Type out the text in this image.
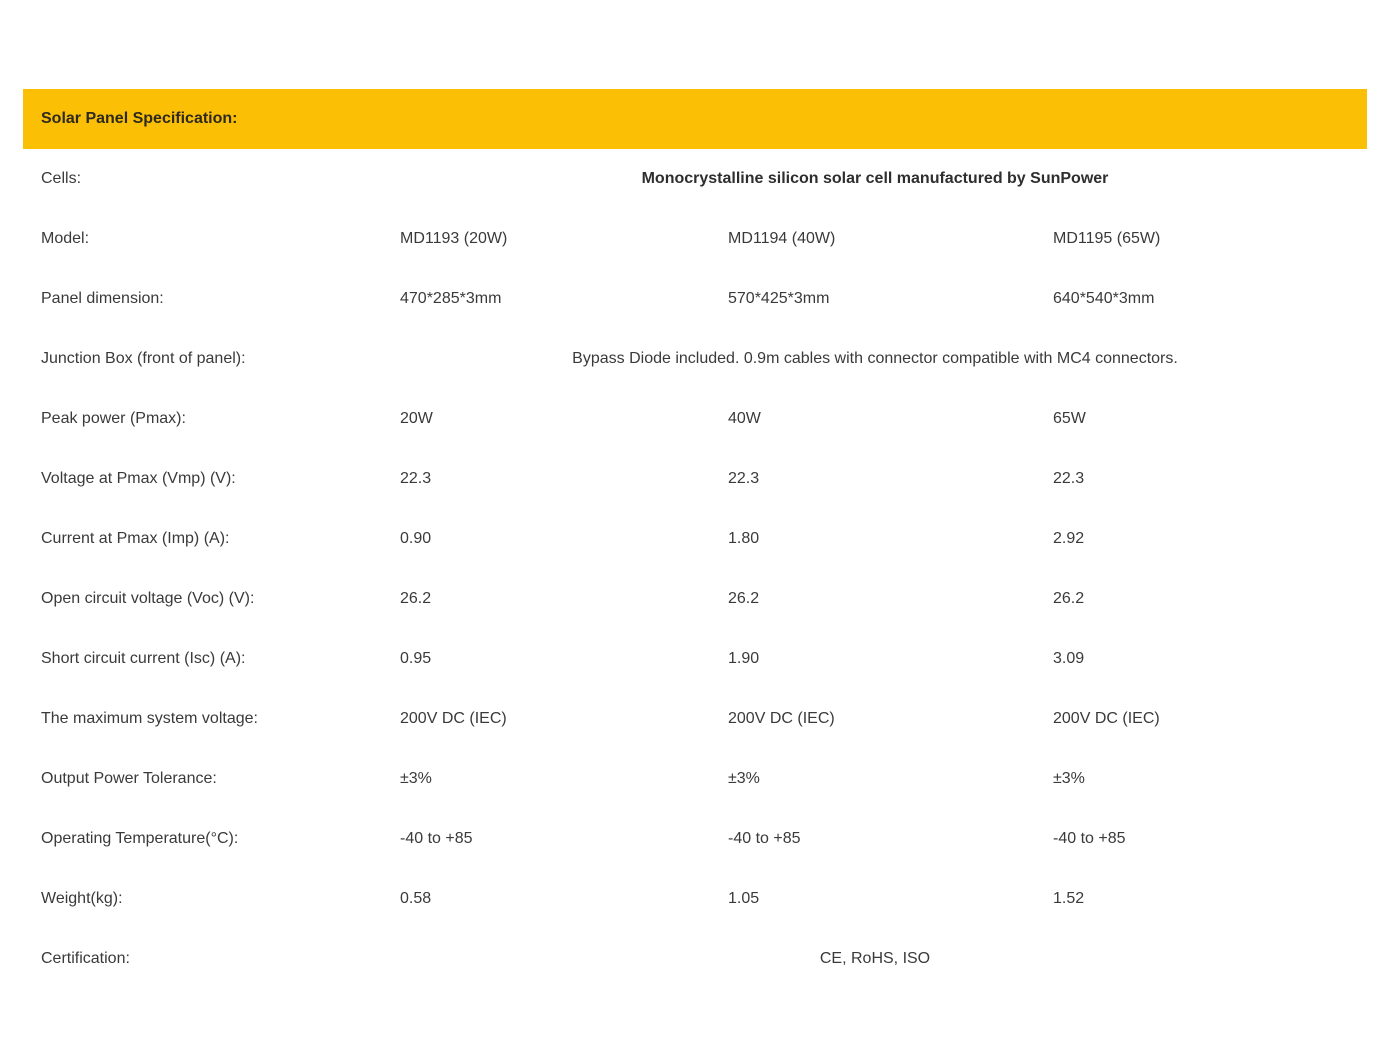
Solar Panel Specification:
Cells:	Monocrystalline silicon solar cell manufactured by SunPower
Model:	MD1193 (20W)	MD1194 (40W)	MD1195 (65W)
Panel dimension:	470*285*3mm	570*425*3mm	640*540*3mm
Junction Box (front of panel):	Bypass Diode included. 0.9m cables with connector compatible with MC4 connectors.
Peak power (Pmax):	20W	40W	65W
Voltage at Pmax (Vmp) (V):	22.3	22.3	22.3
Current at Pmax (Imp) (A):	0.90	1.80	2.92
Open circuit voltage (Voc) (V):	26.2	26.2	26.2
Short circuit current (Isc) (A):	0.95	1.90	3.09
The maximum system voltage:	200V DC (IEC)	200V DC (IEC)	200V DC (IEC)
Output Power Tolerance:	±3%	±3%	±3%
Operating Temperature(°C):	-40 to +85	-40 to +85	-40 to +85
Weight(kg):	0.58	1.05	1.52
Certification:	CE, RoHS, ISO
